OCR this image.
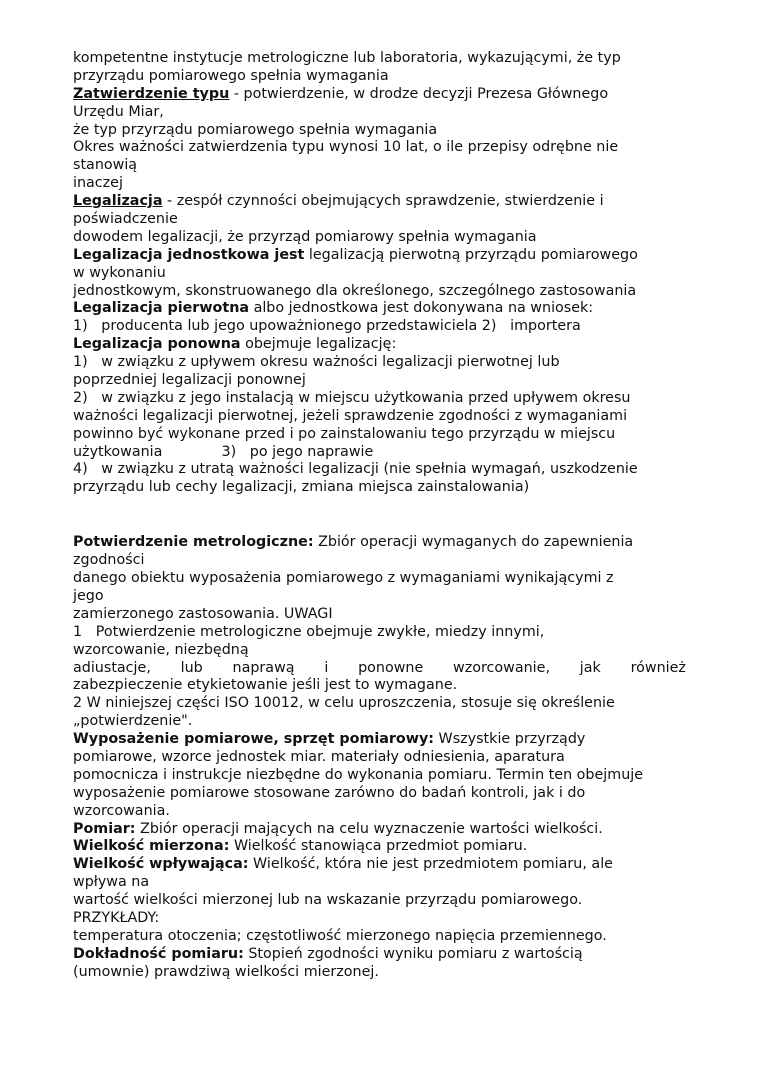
kompetentne instytucje metrologiczne lub laboratoria, wykazującymi, że typ
przyrządu pomiarowego spełnia wymagania
Zatwierdzenie typu - potwierdzenie, w drodze decyzji Prezesa Głównego
Urzędu Miar,
że typ przyrządu pomiarowego spełnia wymagania
Okres ważności zatwierdzenia typu wynosi 10 lat, o ile przepisy odrębne nie
stanowią
inaczej
Legalizacja - zespół czynności obejmujących sprawdzenie, stwierdzenie i
poświadczenie
dowodem legalizacji, że przyrząd pomiarowy spełnia wymagania
Legalizacja jednostkowa jest legalizacją pierwotną przyrządu pomiarowego
w wykonaniu
jednostkowym, skonstruowanego dla określonego, szczególnego zastosowania
Legalizacja pierwotna albo jednostkowa jest dokonywana na wniosek:
1)   producenta lub jego upoważnionego przedstawiciela 2)   importera
Legalizacja ponowna obejmuje legalizację:
1)   w związku z upływem okresu ważności legalizacji pierwotnej lub
poprzedniej legalizacji ponownej
2)   w związku z jego instalacją w miejscu użytkowania przed upływem okresu
ważności legalizacji pierwotnej, jeżeli sprawdzenie zgodności z wymaganiami
powinno być wykonane przed i po zainstalowaniu tego przyrządu w miejscu
użytkowania             3)   po jego naprawie
4)   w związku z utratą ważności legalizacji (nie spełnia wymagań, uszkodzenie
przyrządu lub cechy legalizacji, zmiana miejsca zainstalowania)
Potwierdzenie metrologiczne: Zbiór operacji wymaganych do zapewnienia
zgodności
danego obiektu wyposażenia pomiarowego z wymaganiami wynikającymi z
jego
zamierzonego zastosowania. UWAGI
1   Potwierdzenie metrologiczne obejmuje zwykłe, miedzy innymi,
wzorcowanie, niezbędną
adiustacje, lub naprawą i ponowne wzorcowanie, jak również
zabezpieczenie etykietowanie jeśli jest to wymagane.
2 W niniejszej części ISO 10012, w celu uproszczenia, stosuje się określenie
„potwierdzenie".
Wyposażenie pomiarowe, sprzęt pomiarowy: Wszystkie przyrządy
pomiarowe, wzorce jednostek miar. materiały odniesienia, aparatura
pomocnicza i instrukcje niezbędne do wykonania pomiaru. Termin ten obejmuje
wyposażenie pomiarowe stosowane zarówno do badań kontroli, jak i do
wzorcowania.
Pomiar: Zbiór operacji mających na celu wyznaczenie wartości wielkości.
Wielkość mierzona: Wielkość stanowiąca przedmiot pomiaru.
Wielkość wpływająca: Wielkość, która nie jest przedmiotem pomiaru, ale
wpływa na
wartość wielkości mierzonej lub na wskazanie przyrządu pomiarowego.
PRZYKŁADY:
temperatura otoczenia; częstotliwość mierzonego napięcia przemiennego.
Dokładność pomiaru: Stopień zgodności wyniku pomiaru z wartością
(umownie) prawdziwą wielkości mierzonej.
